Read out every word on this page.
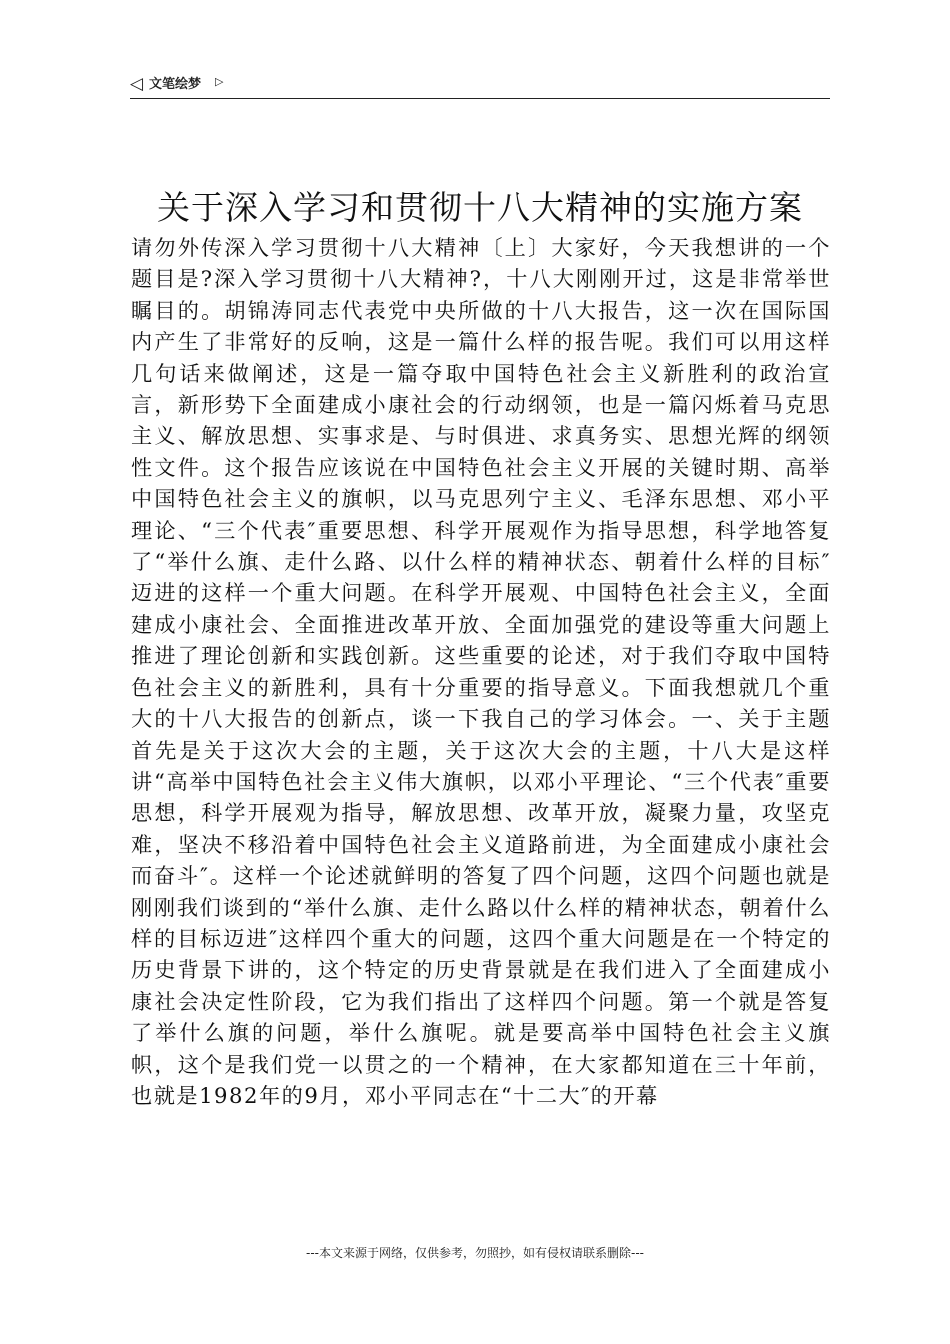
◁ 文笔绘梦 ▷
关于深入学习和贯彻十八大精神的实施方案

请勿外传深入学习贯彻十八大精神〔上〕大家好，今天我想讲的一个题目是?深入学习贯彻十八大精神?，十八大刚刚开过，这是非常举世瞩目的。胡锦涛同志代表党中央所做的十八大报告，这一次在国际国内产生了非常好的反响，这是一篇什么样的报告呢。我们可以用这样几句话来做阐述，这是一篇夺取中国特色社会主义新胜利的政治宣言，新形势下全面建成小康社会的行动纲领，也是一篇闪烁着马克思主义、解放思想、实事求是、与时俱进、求真务实、思想光辉的纲领性文件。这个报告应该说在中国特色社会主义开展的关键时期、高举中国特色社会主义的旗帜，以马克思列宁主义、毛泽东思想、邓小平理论、“三个代表″重要思想、科学开展观作为指导思想，科学地答复了“举什么旗、走什么路、以什么样的精神状态、朝着什么样的目标″迈进的这样一个重大问题。在科学开展观、中国特色社会主义，全面建成小康社会、全面推进改革开放、全面加强党的建设等重大问题上推进了理论创新和实践创新。这些重要的论述，对于我们夺取中国特色社会主义的新胜利，具有十分重要的指导意义。下面我想就几个重大的十八大报告的创新点，谈一下我自己的学习体会。一、关于主题首先是关于这次大会的主题，关于这次大会的主题，十八大是这样讲“高举中国特色社会主义伟大旗帜，以邓小平理论、“三个代表″重要思想，科学开展观为指导，解放思想、改革开放，凝聚力量，攻坚克难，坚决不移沿着中国特色社会主义道路前进，为全面建成小康社会而奋斗″。这样一个论述就鲜明的答复了四个问题，这四个问题也就是刚刚我们谈到的“举什么旗、走什么路以什么样的精神状态，朝着什么样的目标迈进″这样四个重大的问题，这四个重大问题是在一个特定的历史背景下讲的，这个特定的历史背景就是在我们进入了全面建成小康社会决定性阶段，它为我们指出了这样四个问题。第一个就是答复了举什么旗的问题，举什么旗呢。就是要高举中国特色社会主义旗帜，这个是我们党一以贯之的一个精神，在大家都知道在三十年前，也就是1982年的9月，邓小平同志在“十二大″的开幕

---本文来源于网络，仅供参考，勿照抄，如有侵权请联系删除---
